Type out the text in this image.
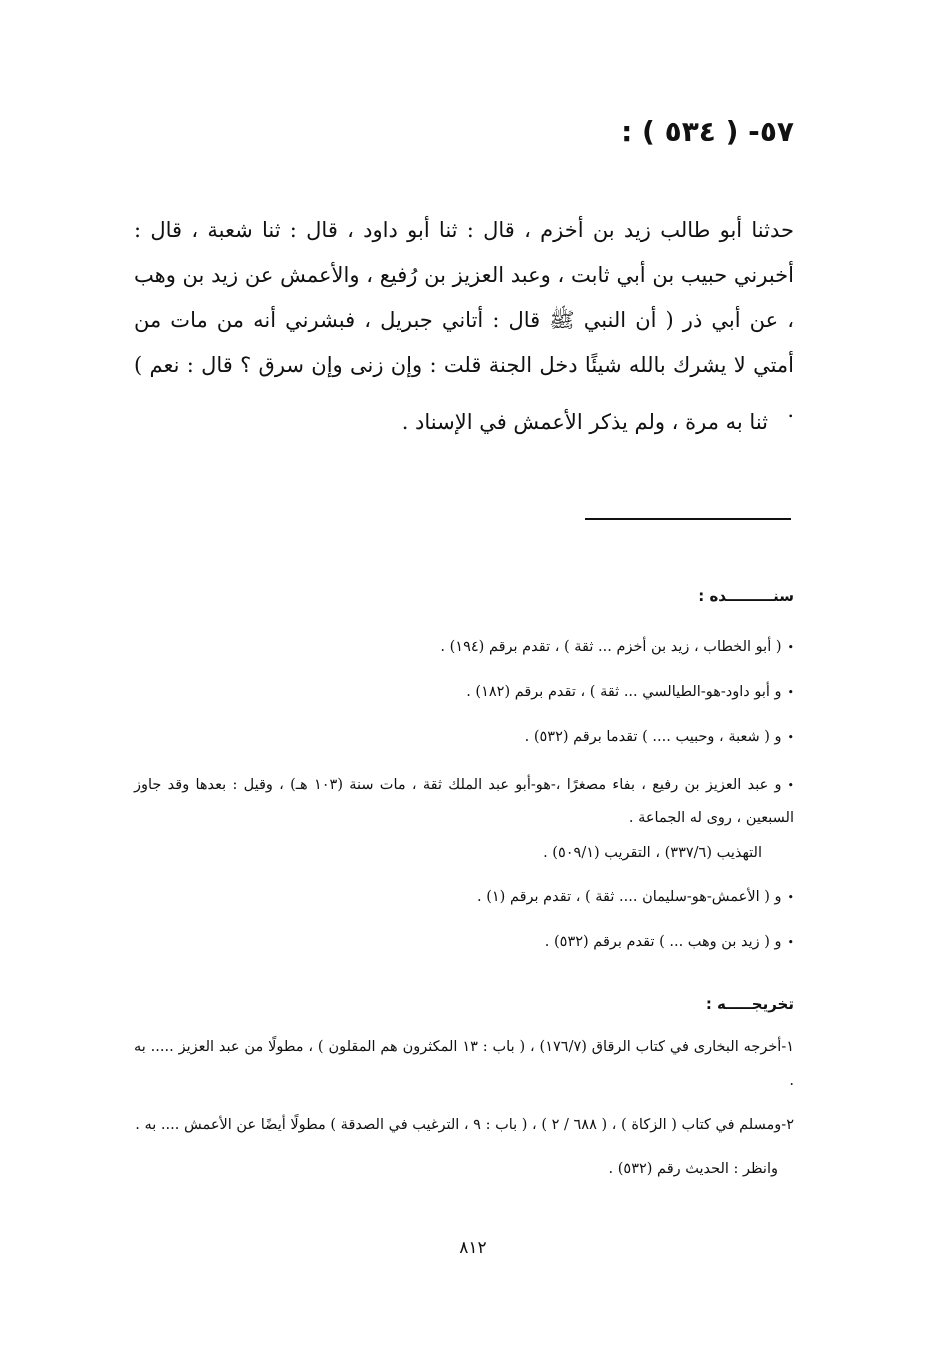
٥٧- ( ٥٣٤ ) :

حدثنا أبو طالب زيد بن أخزم ، قال : ثنا أبو داود ، قال : ثنا شعبة ، قال : أخبرني حبيب بن أبي ثابت ، وعبد العزيز بن رُفيع ، والأعمش عن زيد بن وهب ، عن أبي ذر ( أن النبي ﷺ قال : أتاني جبريل ، فبشرني أنه من مات من أمتي لا يشرك بالله شيئًا دخل الجنة قلت : وإن زنى وإن سرق ؟ قال : نعم ) .

ثنا به مرة ، ولم يذكر الأعمش في الإسناد .
سنـــــــــده :
•( أبو الخطاب ، زيد بن أخزم ... ثقة ) ، تقدم برقم (١٩٤) .
•و أبو داود-هو-الطيالسي ... ثقة ) ، تقدم برقم (١٨٢) .
•و ( شعبة ، وحبيب .... ) تقدما برقم (٥٣٢) .
•و عبد العزيز بن رفيع ، بفاء مصغرًا ،-هو-أبو عبد الملك ثقة ، مات سنة (١٠٣ هـ) ، وقيل : بعدها وقد جاوز السبعين ، روى له الجماعة .
التهذيب (٣٣٧/٦) ، التقريب (٥٠٩/١) .
•و ( الأعمش-هو-سليمان .... ثقة ) ، تقدم برقم (١) .
•و ( زيد بن وهب ... ) تقدم برقم (٥٣٢) .
تخريجـــــه :
١-أخرجه البخارى في كتاب الرقاق (١٧٦/٧) ، ( باب : ١٣ المكثرون هم المقلون ) ، مطولًا من عبد العزيز ..... به .
٢-ومسلم في كتاب ( الزكاة ) ، ( ٦٨٨ / ٢ ) ، ( باب : ٩ ، الترغيب في الصدقة ) مطولًا أيضًا عن الأعمش .... به .
وانظر : الحديث رقم (٥٣٢) .
٨١٢
